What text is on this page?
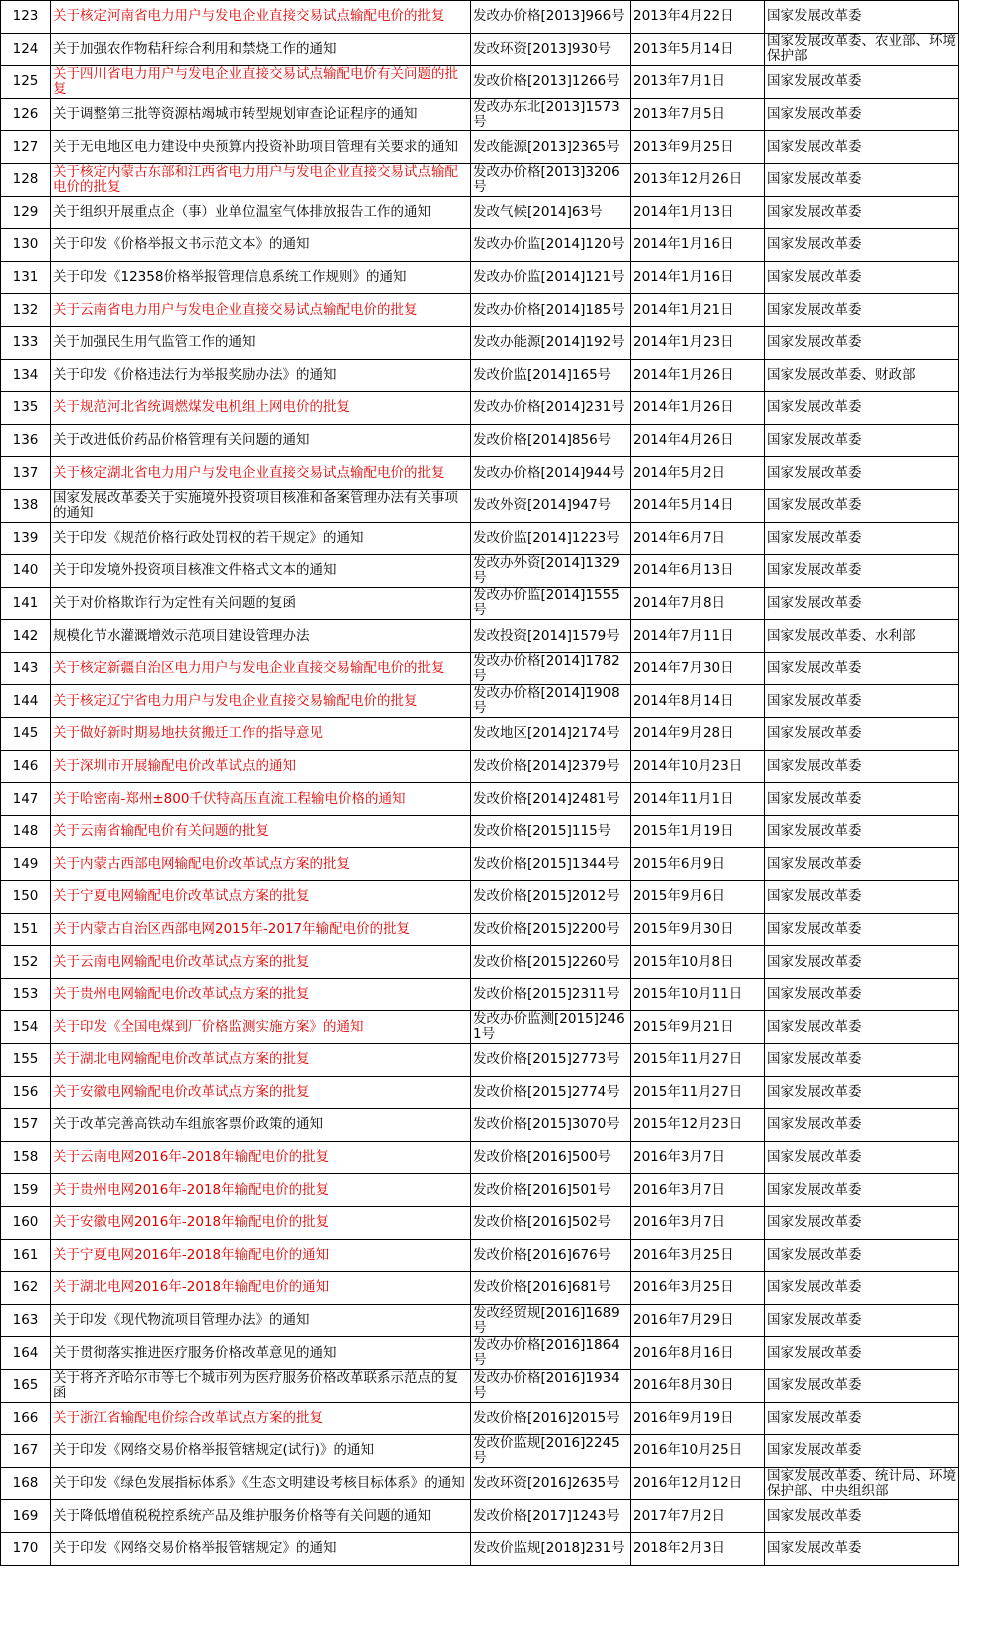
123	关于核定河南省电力用户与发电企业直接交易试点输配电价的批复	发改办价格[2013]966号	2013年4月22日	国家发展改革委
124	关于加强农作物秸秆综合利用和禁烧工作的通知	发改环资[2013]930号	2013年5月14日	国家发展改革委、农业部、环境保护部
125	关于四川省电力用户与发电企业直接交易试点输配电价有关问题的批复	发改价格[2013]1266号	2013年7月1日	国家发展改革委
126	关于调整第三批等资源枯竭城市转型规划审查论证程序的通知	发改办东北[2013]1573号	2013年7月5日	国家发展改革委
127	关于无电地区电力建设中央预算内投资补助项目管理有关要求的通知	发改能源[2013]2365号	2013年9月25日	国家发展改革委
128	关于核定内蒙古东部和江西省电力用户与发电企业直接交易试点输配电价的批复	发改办价格[2013]3206号	2013年12月26日	国家发展改革委
129	关于组织开展重点企（事）业单位温室气体排放报告工作的通知	发改气候[2014]63号	2014年1月13日	国家发展改革委
130	关于印发《价格举报文书示范文本》的通知	发改办价监[2014]120号	2014年1月16日	国家发展改革委
131	关于印发《12358价格举报管理信息系统工作规则》的通知	发改办价监[2014]121号	2014年1月16日	国家发展改革委
132	关于云南省电力用户与发电企业直接交易试点输配电价的批复	发改办价格[2014]185号	2014年1月21日	国家发展改革委
133	关于加强民生用气监管工作的通知	发改办能源[2014]192号	2014年1月23日	国家发展改革委
134	关于印发《价格违法行为举报奖励办法》的通知	发改价监[2014]165号	2014年1月26日	国家发展改革委、财政部
135	关于规范河北省统调燃煤发电机组上网电价的批复	发改办价格[2014]231号	2014年1月26日	国家发展改革委
136	关于改进低价药品价格管理有关问题的通知	发改价格[2014]856号	2014年4月26日	国家发展改革委
137	关于核定湖北省电力用户与发电企业直接交易试点输配电价的批复	发改办价格[2014]944号	2014年5月2日	国家发展改革委
138	国家发展改革委关于实施境外投资项目核准和备案管理办法有关事项的通知	发改外资[2014]947号	2014年5月14日	国家发展改革委
139	关于印发《规范价格行政处罚权的若干规定》的通知	发改价监[2014]1223号	2014年6月7日	国家发展改革委
140	关于印发境外投资项目核准文件格式文本的通知	发改办外资[2014]1329号	2014年6月13日	国家发展改革委
141	关于对价格欺诈行为定性有关问题的复函	发改办价监[2014]1555号	2014年7月8日	国家发展改革委
142	规模化节水灌溉增效示范项目建设管理办法	发改投资[2014]1579号	2014年7月11日	国家发展改革委、水利部
143	关于核定新疆自治区电力用户与发电企业直接交易输配电价的批复	发改办价格[2014]1782号	2014年7月30日	国家发展改革委
144	关于核定辽宁省电力用户与发电企业直接交易输配电价的批复	发改办价格[2014]1908号	2014年8月14日	国家发展改革委
145	关于做好新时期易地扶贫搬迁工作的指导意见	发改地区[2014]2174号	2014年9月28日	国家发展改革委
146	关于深圳市开展输配电价改革试点的通知	发改价格[2014]2379号	2014年10月23日	国家发展改革委
147	关于哈密南-郑州±800千伏特高压直流工程输电价格的通知	发改价格[2014]2481号	2014年11月1日	国家发展改革委
148	关于云南省输配电价有关问题的批复	发改价格[2015]115号	2015年1月19日	国家发展改革委
149	关于内蒙古西部电网输配电价改革试点方案的批复	发改价格[2015]1344号	2015年6月9日	国家发展改革委
150	关于宁夏电网输配电价改革试点方案的批复	发改价格[2015]2012号	2015年9月6日	国家发展改革委
151	关于内蒙古自治区西部电网2015年-2017年输配电价的批复	发改价格[2015]2200号	2015年9月30日	国家发展改革委
152	关于云南电网输配电价改革试点方案的批复	发改价格[2015]2260号	2015年10月8日	国家发展改革委
153	关于贵州电网输配电价改革试点方案的批复	发改价格[2015]2311号	2015年10月11日	国家发展改革委
154	关于印发《全国电煤到厂价格监测实施方案》的通知	发改办价监测[2015]2461号	2015年9月21日	国家发展改革委
155	关于湖北电网输配电价改革试点方案的批复	发改价格[2015]2773号	2015年11月27日	国家发展改革委
156	关于安徽电网输配电价改革试点方案的批复	发改价格[2015]2774号	2015年11月27日	国家发展改革委
157	关于改革完善高铁动车组旅客票价政策的通知	发改价格[2015]3070号	2015年12月23日	国家发展改革委
158	关于云南电网2016年-2018年输配电价的批复	发改价格[2016]500号	2016年3月7日	国家发展改革委
159	关于贵州电网2016年-2018年输配电价的批复	发改价格[2016]501号	2016年3月7日	国家发展改革委
160	关于安徽电网2016年-2018年输配电价的批复	发改价格[2016]502号	2016年3月7日	国家发展改革委
161	关于宁夏电网2016年-2018年输配电价的通知	发改价格[2016]676号	2016年3月25日	国家发展改革委
162	关于湖北电网2016年-2018年输配电价的通知	发改价格[2016]681号	2016年3月25日	国家发展改革委
163	关于印发《现代物流项目管理办法》的通知	发改经贸规[2016]1689号	2016年7月29日	国家发展改革委
164	关于贯彻落实推进医疗服务价格改革意见的通知	发改办价格[2016]1864号	2016年8月16日	国家发展改革委
165	关于将齐齐哈尔市等七个城市列为医疗服务价格改革联系示范点的复函	发改办价格[2016]1934号	2016年8月30日	国家发展改革委
166	关于浙江省输配电价综合改革试点方案的批复	发改价格[2016]2015号	2016年9月19日	国家发展改革委
167	关于印发《网络交易价格举报管辖规定(试行)》的通知	发改价监规[2016]2245号	2016年10月25日	国家发展改革委
168	关于印发《绿色发展指标体系》《生态文明建设考核目标体系》的通知	发改环资[2016]2635号	2016年12月12日	国家发展改革委、统计局、环境保护部、中央组织部
169	关于降低增值税税控系统产品及维护服务价格等有关问题的通知	发改价格[2017]1243号	2017年7月2日	国家发展改革委
170	关于印发《网络交易价格举报管辖规定》的通知	发改价监规[2018]231号	2018年2月3日	国家发展改革委
